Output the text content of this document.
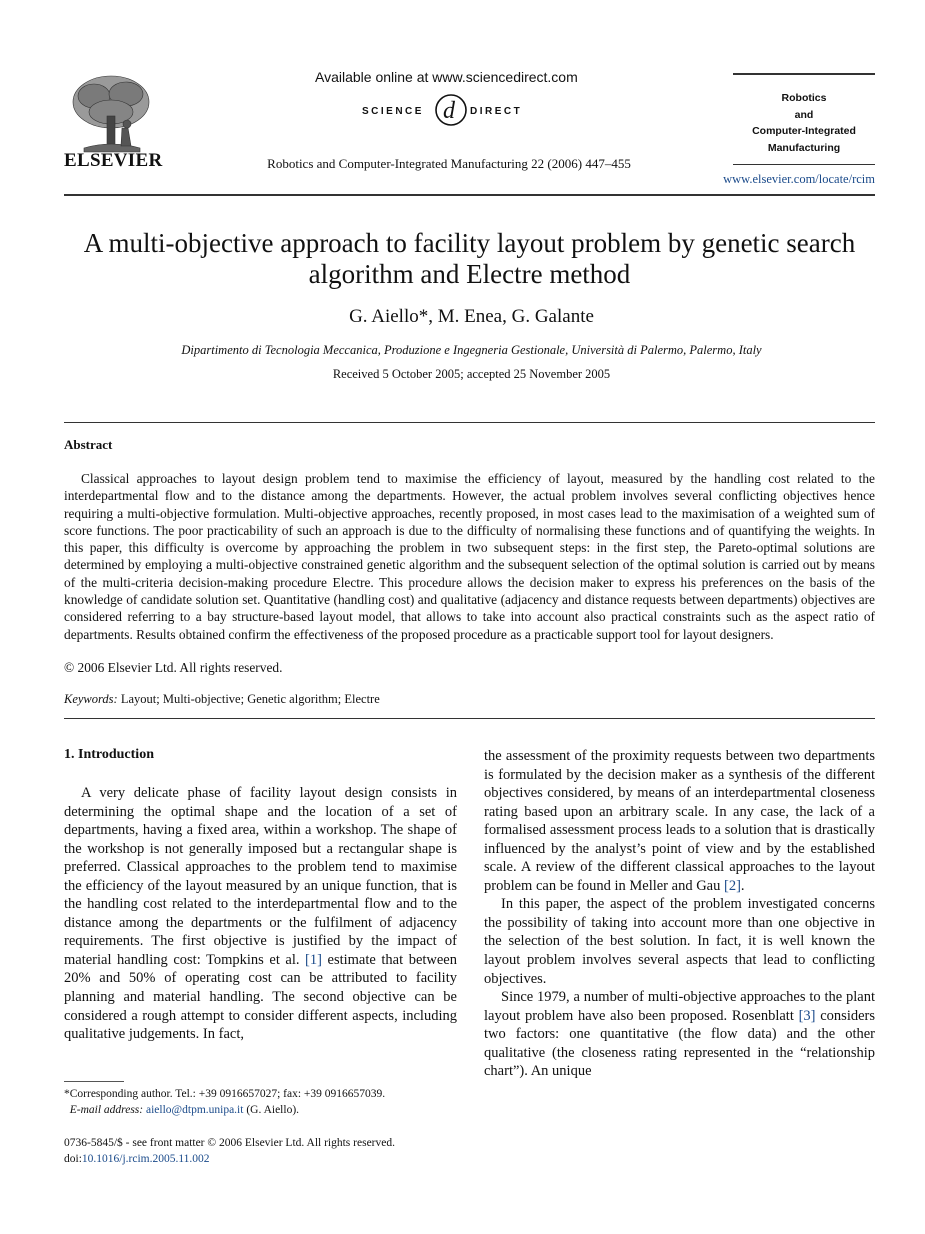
ELSEVIER
Available online at www.sciencedirect.com
SCIENCE d DIRECT
Robotics and Computer-Integrated Manufacturing 22 (2006) 447–455
Robotics
and
Computer-Integrated
Manufacturing
www.elsevier.com/locate/rcim
A multi-objective approach to facility layout problem by genetic search
algorithm and Electre method
G. Aiello*, M. Enea, G. Galante
Dipartimento di Tecnologia Meccanica, Produzione e Ingegneria Gestionale, Università di Palermo, Palermo, Italy
Received 5 October 2005; accepted 25 November 2005
Abstract
Classical approaches to layout design problem tend to maximise the efficiency of layout, measured by the handling cost related to the interdepartmental flow and to the distance among the departments. However, the actual problem involves several conflicting objectives hence requiring a multi-objective formulation. Multi-objective approaches, recently proposed, in most cases lead to the maximisation of a weighted sum of score functions. The poor practicability of such an approach is due to the difficulty of normalising these functions and of quantifying the weights. In this paper, this difficulty is overcome by approaching the problem in two subsequent steps: in the first step, the Pareto-optimal solutions are determined by employing a multi-objective constrained genetic algorithm and the subsequent selection of the optimal solution is carried out by means of the multi-criteria decision-making procedure Electre. This procedure allows the decision maker to express his preferences on the basis of the knowledge of candidate solution set. Quantitative (handling cost) and qualitative (adjacency and distance requests between departments) objectives are considered referring to a bay structure-based layout model, that allows to take into account also practical constraints such as the aspect ratio of departments. Results obtained confirm the effectiveness of the proposed procedure as a practicable support tool for layout designers.
© 2006 Elsevier Ltd. All rights reserved.
Keywords: Layout; Multi-objective; Genetic algorithm; Electre
1. Introduction

A very delicate phase of facility layout design consists in determining the optimal shape and the location of a set of departments, having a fixed area, within a workshop. The shape of the workshop is not generally imposed but a rectangular shape is preferred. Classical approaches to the problem tend to maximise the efficiency of the layout measured by an unique function, that is the handling cost related to the interdepartmental flow and to the distance among the departments or the fulfilment of adjacency requirements. The first objective is justified by the impact of material handling cost: Tompkins et al. [1] estimate that between 20% and 50% of operating cost can be attributed to facility planning and material handling. The second objective can be considered a rough attempt to consider different aspects, including qualitative judgements. In fact,

the assessment of the proximity requests between two departments is formulated by the decision maker as a synthesis of the different objectives considered, by means of an interdepartmental closeness rating based upon an arbitrary scale. In any case, the lack of a formalised assessment process leads to a solution that is drastically influenced by the analyst’s point of view and by the established scale. A review of the different classical approaches to the layout problem can be found in Meller and Gau [2].

In this paper, the aspect of the problem investigated concerns the possibility of taking into account more than one objective in the selection of the best solution. In fact, it is well known the layout problem involves several aspects that lead to conflicting objectives.

Since 1979, a number of multi-objective approaches to the plant layout problem have also been proposed. Rosenblatt [3] considers two factors: one quantitative (the flow data) and the other qualitative (the closeness rating represented in the “relationship chart”). An unique

*Corresponding author. Tel.: +39 0916657027; fax: +39 0916657039.
E-mail address: aiello@dtpm.unipa.it (G. Aiello).
0736-5845/$ - see front matter © 2006 Elsevier Ltd. All rights reserved.
doi:10.1016/j.rcim.2005.11.002
